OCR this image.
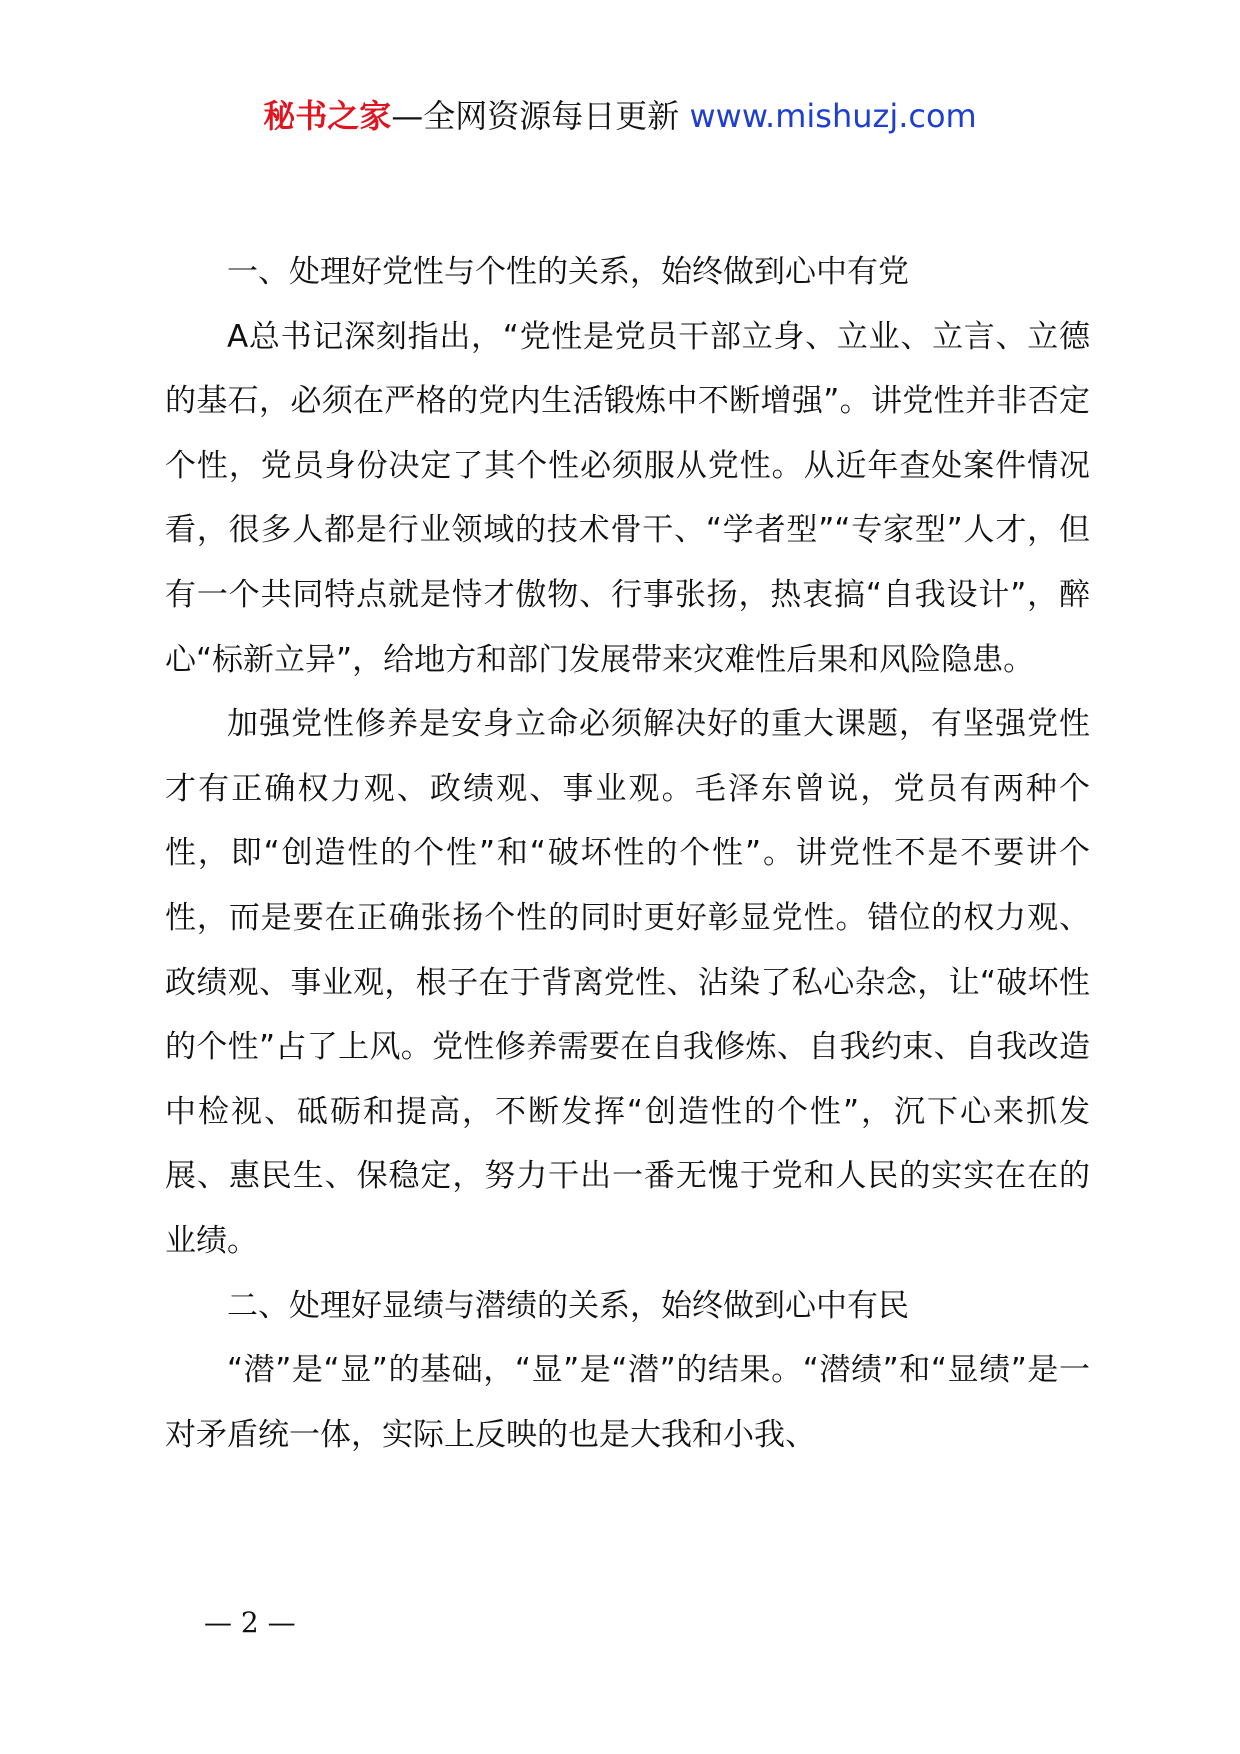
秘书之家—全网资源每日更新 www.mishuzj.com

一、处理好党性与个性的关系，始终做到心中有党

A总书记深刻指出，“党性是党员干部立身、立业、立言、立德的基石，必须在严格的党内生活锻炼中不断增强”。讲党性并非否定个性，党员身份决定了其个性必须服从党性。从近年查处案件情况看，很多人都是行业领域的技术骨干、“学者型”“专家型”人才，但有一个共同特点就是恃才傲物、行事张扬，热衷搞“自我设计”，醉心“标新立异”，给地方和部门发展带来灾难性后果和风险隐患。

加强党性修养是安身立命必须解决好的重大课题，有坚强党性才有正确权力观、政绩观、事业观。毛泽东曾说，党员有两种个性，即“创造性的个性”和“破坏性的个性”。讲党性不是不要讲个性，而是要在正确张扬个性的同时更好彰显党性。错位的权力观、政绩观、事业观，根子在于背离党性、沾染了私心杂念，让“破坏性的个性”占了上风。党性修养需要在自我修炼、自我约束、自我改造中检视、砥砺和提高，不断发挥“创造性的个性”，沉下心来抓发展、惠民生、保稳定，努力干出一番无愧于党和人民的实实在在的业绩。

二、处理好显绩与潜绩的关系，始终做到心中有民

“潜”是“显”的基础，“显”是“潜”的结果。“潜绩”和“显绩”是一对矛盾统一体，实际上反映的也是大我和小我、

— 2 —
